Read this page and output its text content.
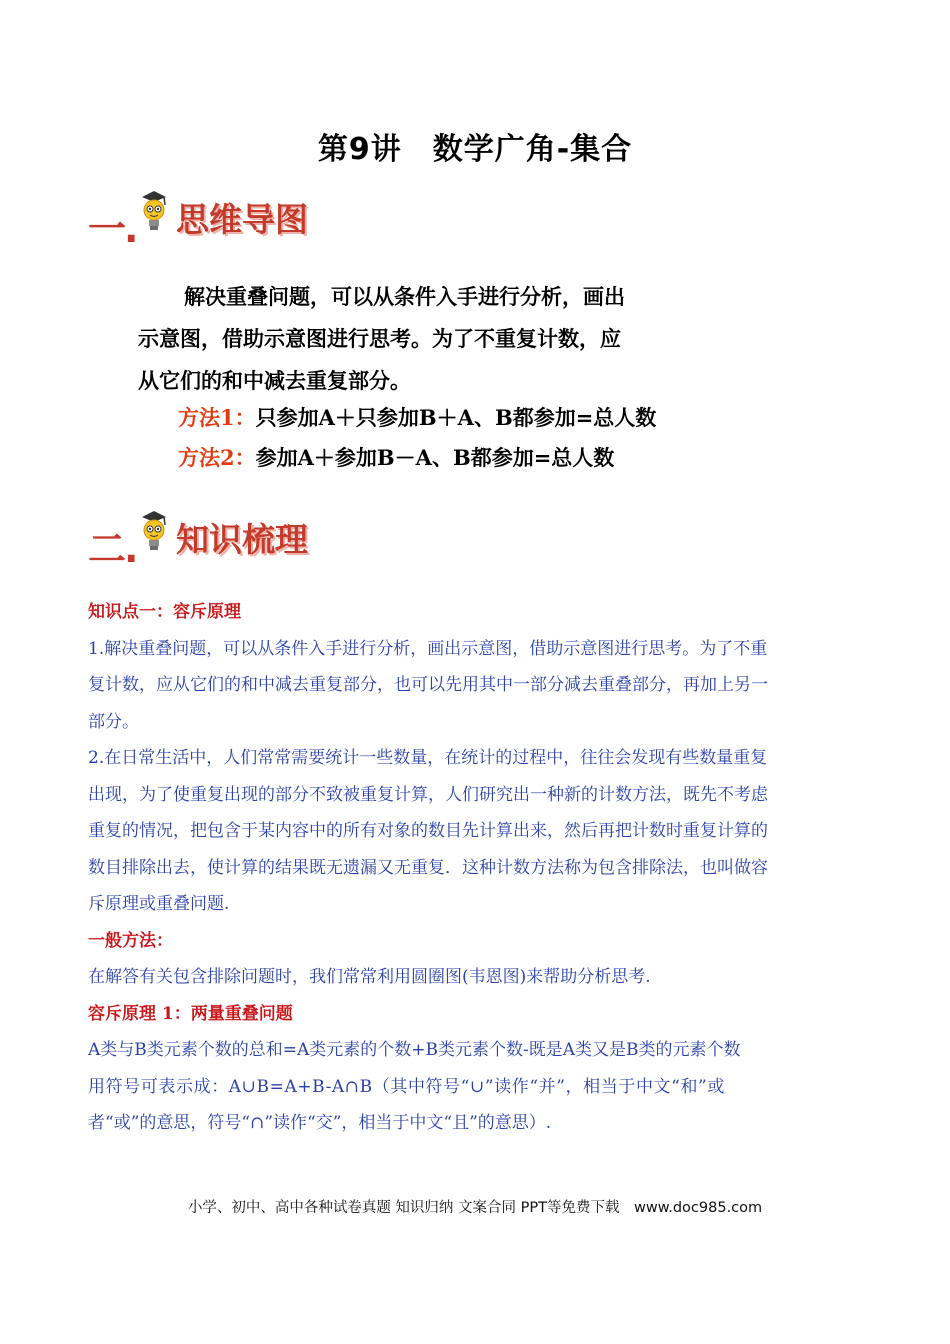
第9讲　数学广角-集合
一. 思维导图

解决重叠问题，可以从条件入手进行分析，画出

示意图，借助示意图进行思考。为了不重复计数，应

从它们的和中减去重复部分。

方法1：只参加A＋只参加B＋A、B都参加=总人数
方法2：参加A＋参加B－A、B都参加=总人数
二. 知识梳理

知识点一：容斥原理

1.解决重叠问题，可以从条件入手进行分析，画出示意图，借助示意图进行思考。为了不重

复计数，应从它们的和中减去重复部分，也可以先用其中一部分减去重叠部分，再加上另一

部分。

2.在日常生活中，人们常常需要统计一些数量，在统计的过程中，往往会发现有些数量重复

出现，为了使重复出现的部分不致被重复计算，人们研究出一种新的计数方法，既先不考虑

重复的情况，把包含于某内容中的所有对象的数目先计算出来，然后再把计数时重复计算的

数目排除出去，使计算的结果既无遗漏又无重复．这种计数方法称为包含排除法，也叫做容

斥原理或重叠问题.

一般方法：

在解答有关包含排除问题时，我们常常利用圆圈图(韦恩图)来帮助分析思考.

容斥原理 1：两量重叠问题

A类与B类元素个数的总和=A类元素的个数+B类元素个数-既是A类又是B类的元素个数

用符号可表示成：A∪B=A+B-A∩B（其中符号“∪”读作“并”，相当于中文“和”或

者“或”的意思，符号“∩”读作“交”，相当于中文“且”的意思）.

小学、初中、高中各种试卷真题 知识归纳 文案合同 PPT等免费下载　www.doc985.com
